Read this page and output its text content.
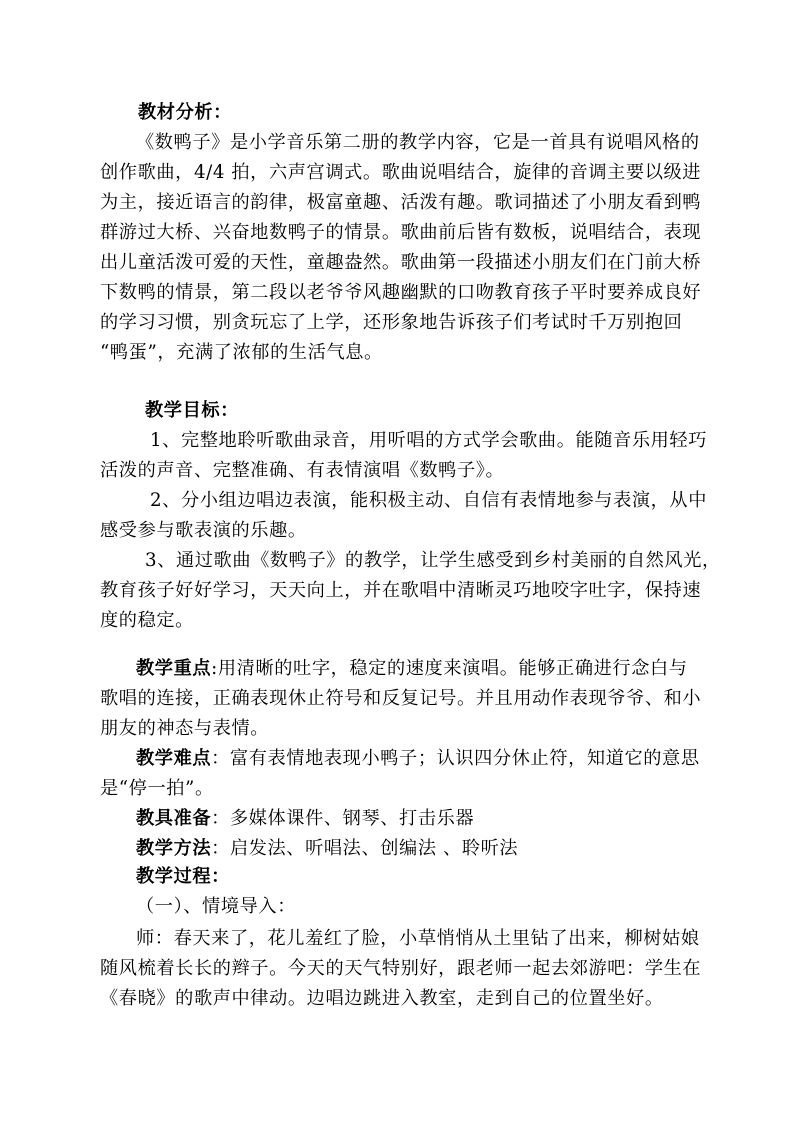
教材分析：
《数鸭子》是小学音乐第二册的教学内容，它是一首具有说唱风格的
创作歌曲，4/4 拍，六声宫调式。歌曲说唱结合，旋律的音调主要以级进
为主，接近语言的韵律，极富童趣、活泼有趣。歌词描述了小朋友看到鸭
群游过大桥、兴奋地数鸭子的情景。歌曲前后皆有数板，说唱结合，表现
出儿童活泼可爱的天性，童趣盎然。歌曲第一段描述小朋友们在门前大桥
下数鸭的情景，第二段以老爷爷风趣幽默的口吻教育孩子平时要养成良好
的学习习惯，别贪玩忘了上学，还形象地告诉孩子们考试时千万别抱回
“鸭蛋”，充满了浓郁的生活气息。
教学目标：
1、完整地聆听歌曲录音，用听唱的方式学会歌曲。能随音乐用轻巧
活泼的声音、完整准确、有表情演唱《数鸭子》。
2、分小组边唱边表演，能积极主动、自信有表情地参与表演，从中
感受参与歌表演的乐趣。
3、通过歌曲《数鸭子》的教学，让学生感受到乡村美丽的自然风光，
教育孩子好好学习，天天向上，并在歌唱中清晰灵巧地咬字吐字，保持速
度的稳定。
教学重点:用清晰的吐字，稳定的速度来演唱。能够正确进行念白与
歌唱的连接，正确表现休止符号和反复记号。并且用动作表现爷爷、和小
朋友的神态与表情。
教学难点：富有表情地表现小鸭子；认识四分休止符，知道它的意思
是“停一拍”。
教具准备：多媒体课件、钢琴、打击乐器
教学方法：启发法、听唱法、创编法 、聆听法
教学过程：
（一）、情境导入：
师：春天来了，花儿羞红了脸，小草悄悄从土里钻了出来，柳树姑娘
随风梳着长长的辫子。今天的天气特别好，跟老师一起去郊游吧：学生在
《春晓》的歌声中律动。边唱边跳进入教室，走到自己的位置坐好。
